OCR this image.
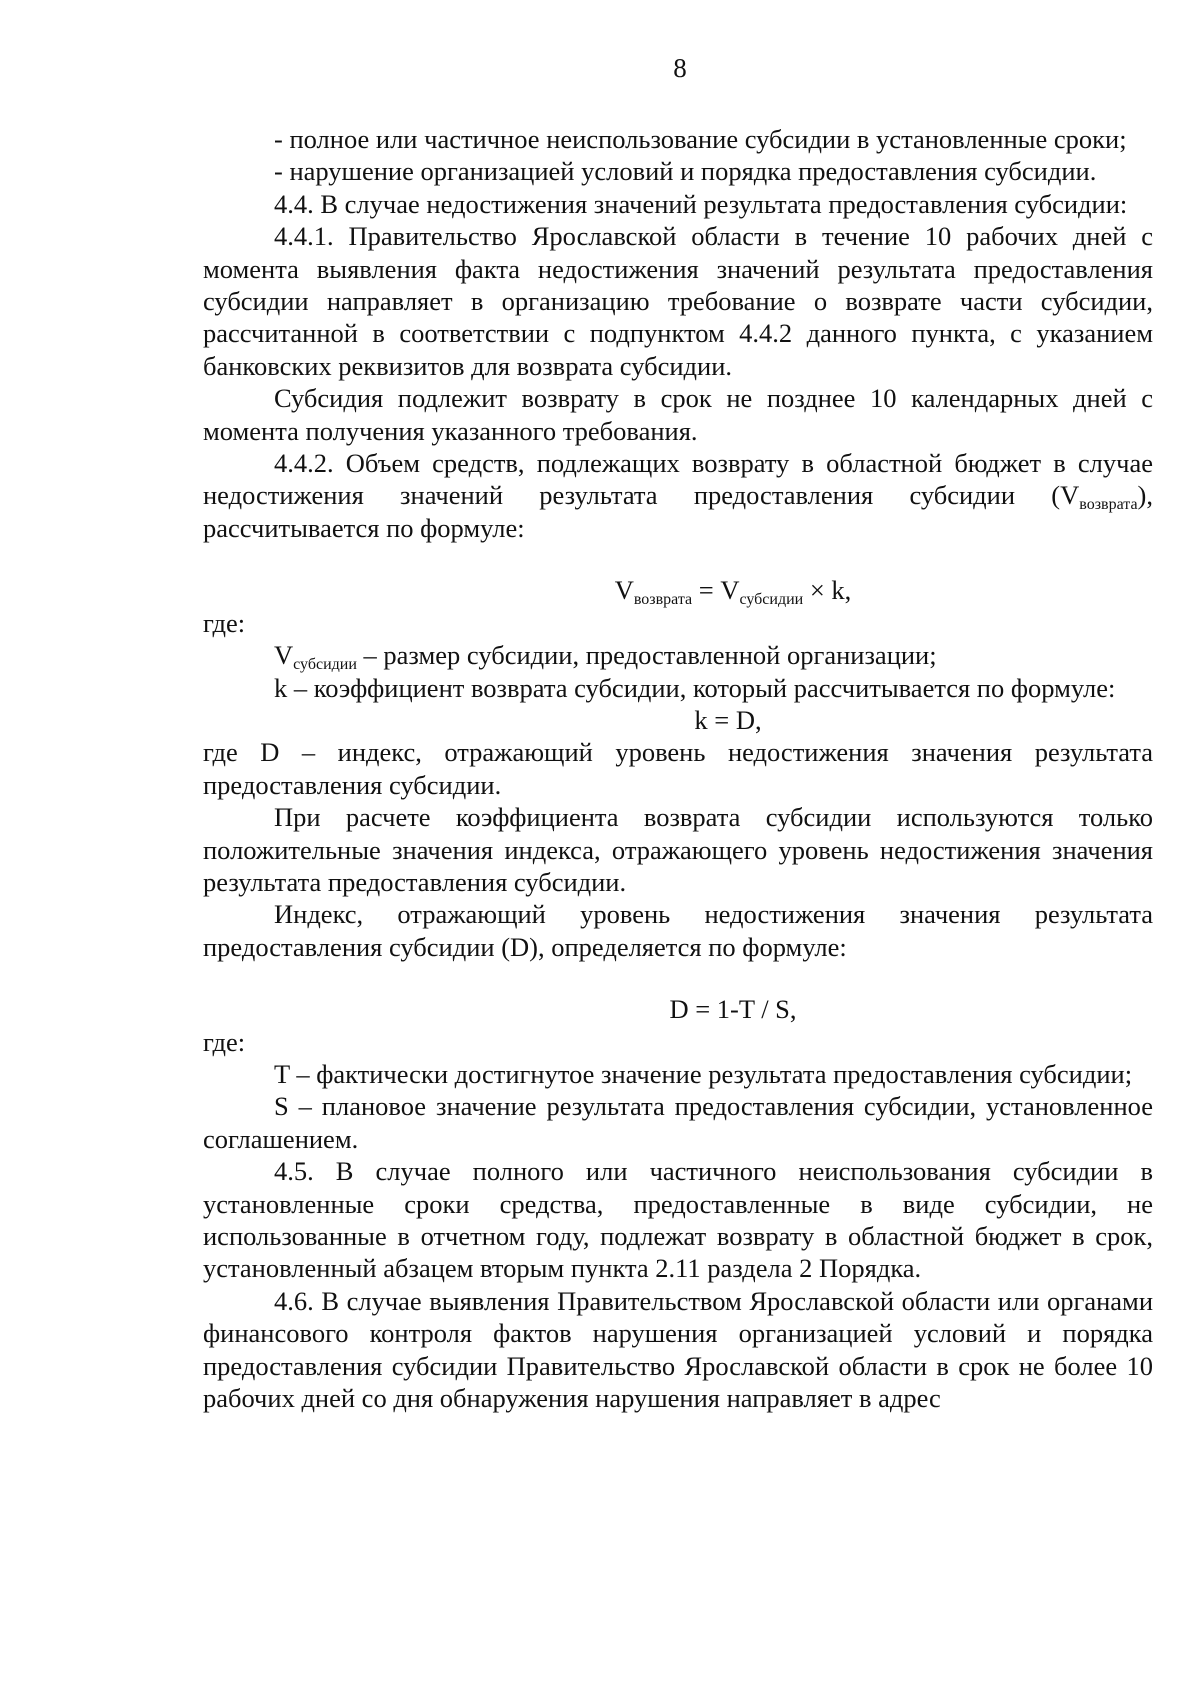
8

- полное или частичное неиспользование субсидии в установленные сроки;

- нарушение организацией условий и порядка предоставления субсидии.

4.4. В случае недостижения значений результата предоставления субсидии:

4.4.1. Правительство Ярославской области в течение 10 рабочих дней с момента выявления факта недостижения значений результата предоставления субсидии направляет в организацию требование о возврате части субсидии, рассчитанной в соответствии с подпунктом 4.4.2 данного пункта, с указанием банковских реквизитов для возврата субсидии.

Субсидия подлежит возврату в срок не позднее 10 календарных дней с момента получения указанного требования.

4.4.2. Объем средств, подлежащих возврату в областной бюджет в случае недостижения значений результата предоставления субсидии $(V_{возврата})$, рассчитывается по формуле:

$V_{возврата} = V_{субсидии} \times k$,

где:

$V_{субсидии}$ – размер субсидии, предоставленной организации;

k – коэффициент возврата субсидии, который рассчитывается по формуле:

k = D,

где D – индекс, отражающий уровень недостижения значения результата предоставления субсидии.

При расчете коэффициента возврата субсидии используются только положительные значения индекса, отражающего уровень недостижения значения результата предоставления субсидии.

Индекс, отражающий уровень недостижения значения результата предоставления субсидии (D), определяется по формуле:

D = 1-T / S,

где:

T – фактически достигнутое значение результата предоставления субсидии;

S – плановое значение результата предоставления субсидии, установленное соглашением.

4.5. В случае полного или частичного неиспользования субсидии в установленные сроки средства, предоставленные в виде субсидии, не использованные в отчетном году, подлежат возврату в областной бюджет в срок, установленный абзацем вторым пункта 2.11 раздела 2 Порядка.

4.6. В случае выявления Правительством Ярославской области или органами финансового контроля фактов нарушения организацией условий и порядка предоставления субсидии Правительство Ярославской области в срок не более 10 рабочих дней со дня обнаружения нарушения направляет в адрес
